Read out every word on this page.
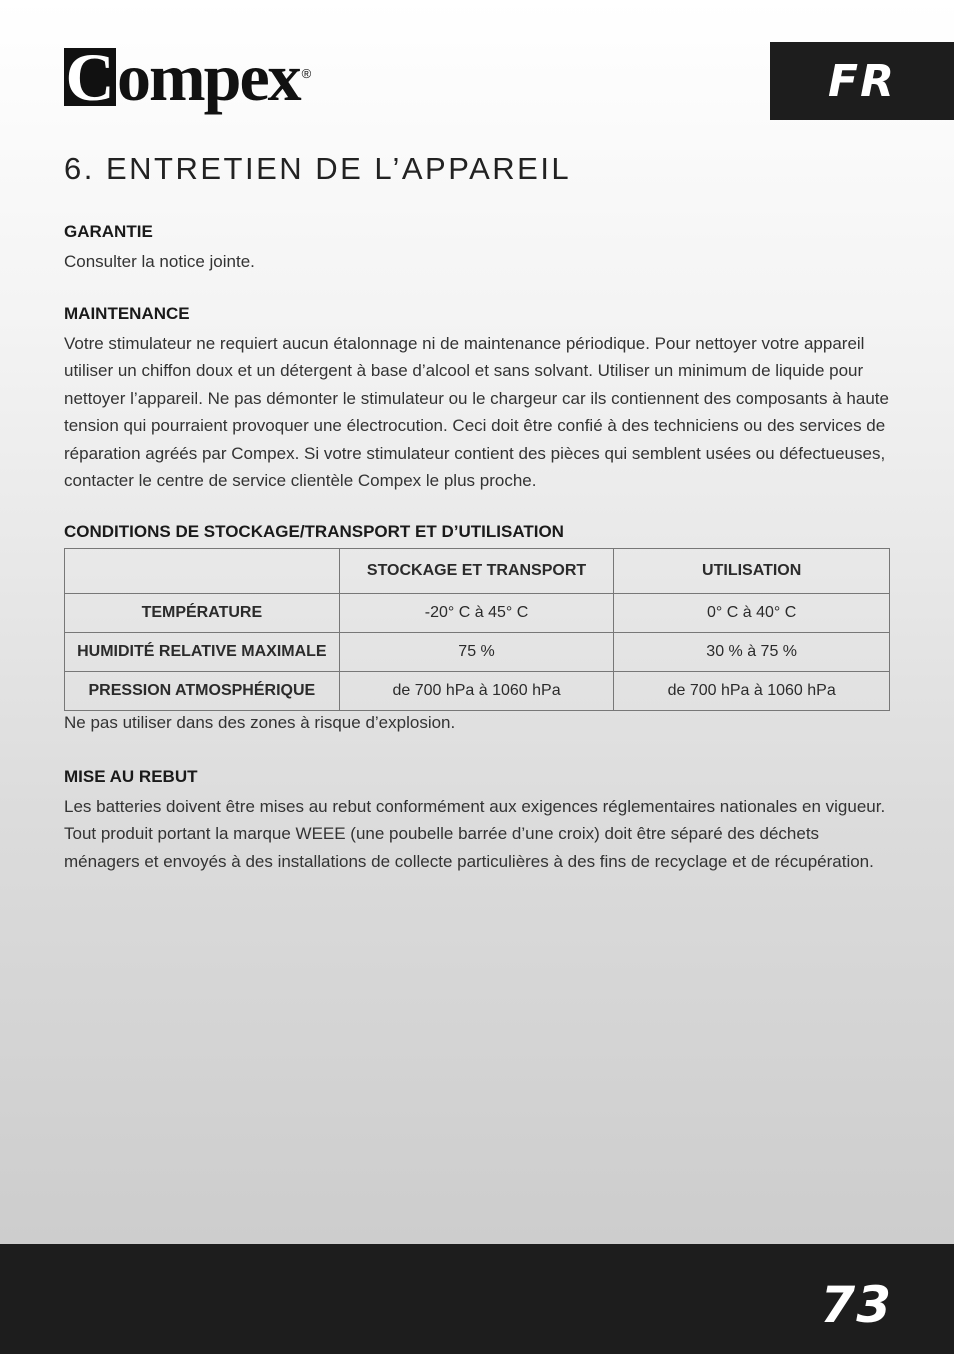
C ompex ®	FR
6. ENTRETIEN DE L’APPAREIL
GARANTIE

Consulter la notice jointe.

MAINTENANCE

Votre stimulateur ne requiert aucun étalonnage ni de maintenance périodique. Pour nettoyer votre appareil utiliser un chiffon doux et un détergent à base d’alcool et sans solvant. Utiliser un minimum de liquide pour nettoyer l’appareil. Ne pas démonter le stimulateur ou le chargeur car ils contiennent des composants à haute tension qui pourraient provoquer une électrocution. Ceci doit être confié à des techniciens ou des services de réparation agréés par Compex. Si votre stimulateur contient des pièces qui semblent usées ou défectueuses, contacter le centre de service clientèle Compex le plus proche.

CONDITIONS DE STOCKAGE/TRANSPORT ET D’UTILISATION
	STOCKAGE ET TRANSPORT	UTILISATION
TEMPÉRATURE	-20° C à 45° C	0° C à 40° C
HUMIDITÉ RELATIVE MAXIMALE	75 %	30 % à 75 %
PRESSION ATMOSPHÉRIQUE	de 700 hPa à 1060 hPa	de 700 hPa à 1060 hPa

Ne pas utiliser dans des zones à risque d’explosion.

MISE AU REBUT

Les batteries doivent être mises au rebut conformément aux exigences réglementaires nationales en vigueur. Tout produit portant la marque WEEE (une poubelle barrée d’une croix) doit être séparé des déchets ménagers et envoyés à des installations de collecte particulières à des fins de recyclage et de récupération.

73
